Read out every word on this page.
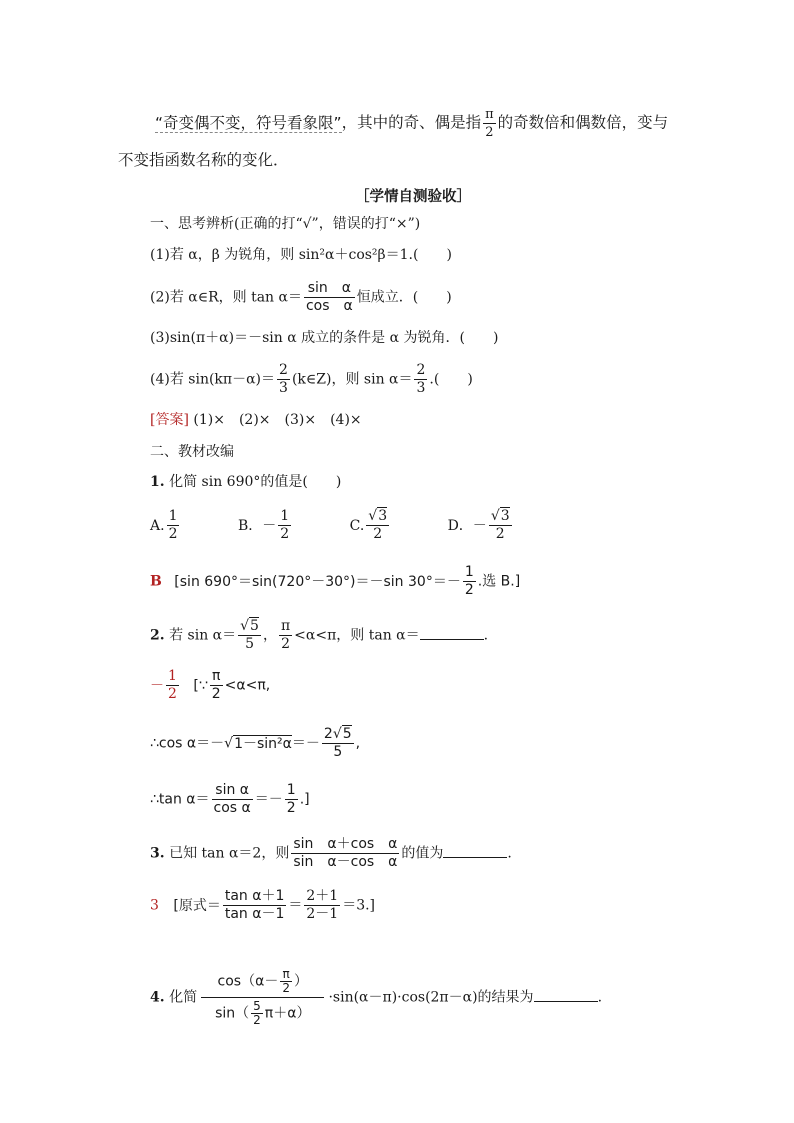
“奇变偶不变，符号看象限”，其中的奇、偶是指 $\frac{\pi}{2}$ 的奇数倍和偶数倍，变与
不变指函数名称的变化．
［学情自测验收］
一、思考辨析(正确的打“√”，错误的打“×”)
(1)若 α，β 为锐角，则 sin²α＋cos²β＝1.(　　)
(2)若 α∈R，则 $\tan \alpha= \frac{\text{sin　α}}{\text{cos　α}}$ 恒成立．(　　)
(3)sin(π＋α)＝－sin α 成立的条件是 α 为锐角．(　　)
(4)若 $\sin(k\pi-\alpha)= \frac{2}{3}$ (k∈Z)，则 $\sin \alpha= \frac{2}{3}$ .(　　)
[答案] (1)×　(2)×　(3)×　(4)×
二、教材改编
1. 化简 sin 690°的值是(　　)
A. $\frac{1}{2}$	B．－ $\frac{1}{2}$	C. $\frac{√3}{2}$	D．－ $\frac{√3}{2}$
B [sin 690°＝sin(720°－30°)＝－sin $30^\circ=- \frac{1}{2}$ .选 B.]
2. 若 $\sin \alpha= \frac{√5}{5}$ ， $\frac{\pi}{2} <\alpha<\pi$，则 tan α＝	.
－ $\frac{1}{2}$ [∵ $\frac{\pi}{2} <\alpha<\pi$,
∴cos $\alpha=-√1-\sin^2\alpha=- \frac{2√5}{5}$ ,
∴tan $\alpha= \frac{\text{sin α}}{\text{cos α}} =- \frac{1}{2}$ .]
3. 已知 tan α＝2，则 $\frac{\text{sin　α＋cos　α}}{\text{sin　α－cos　α}}$ 的值为	.
3 [原式＝ $\frac{\text{tan α＋1}}{\text{tan α－1}} = \frac{2+1}{2-1} =3$.]
4. 化简 $\frac{\cos(\alpha- \frac{\pi}{2} )}{\sin( \frac{5}{2} \pi+\alpha)} \cdot\sin(\alpha-\pi)\cdot\cos(2\pi-\alpha)$的结果为	.
